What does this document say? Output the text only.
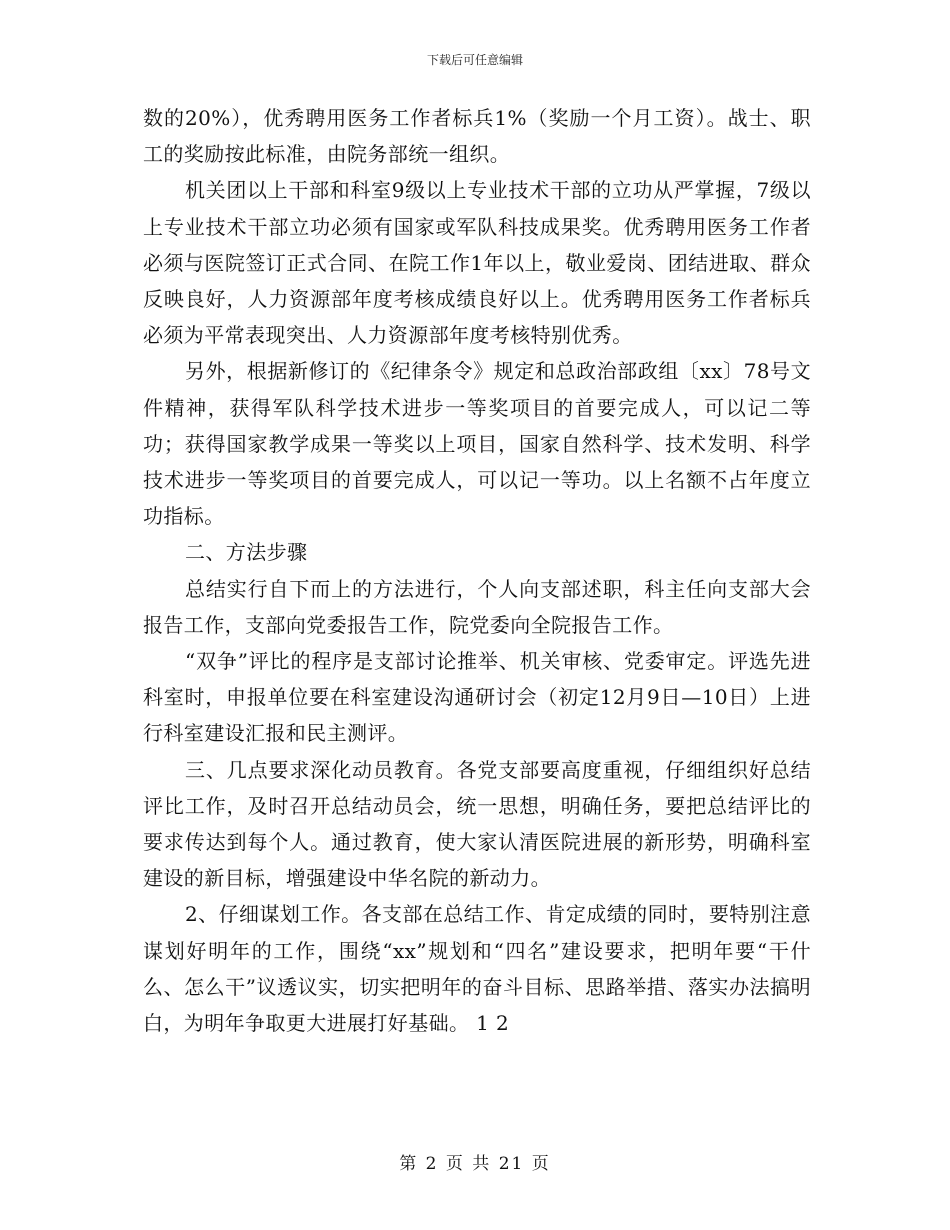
下载后可任意编辑

数的20%），优秀聘用医务工作者标兵1%（奖励一个月工资）。战士、职工的奖励按此标准，由院务部统一组织。

机关团以上干部和科室9级以上专业技术干部的立功从严掌握，7级以上专业技术干部立功必须有国家或军队科技成果奖。优秀聘用医务工作者必须与医院签订正式合同、在院工作1年以上，敬业爱岗、团结进取、群众反映良好，人力资源部年度考核成绩良好以上。优秀聘用医务工作者标兵必须为平常表现突出、人力资源部年度考核特别优秀。

另外，根据新修订的《纪律条令》规定和总政治部政组〔xx〕78号文件精神，获得军队科学技术进步一等奖项目的首要完成人，可以记二等功；获得国家教学成果一等奖以上项目，国家自然科学、技术发明、科学技术进步一等奖项目的首要完成人，可以记一等功。以上名额不占年度立功指标。

二、方法步骤

总结实行自下而上的方法进行，个人向支部述职，科主任向支部大会报告工作，支部向党委报告工作，院党委向全院报告工作。

“双争”评比的程序是支部讨论推举、机关审核、党委审定。评选先进科室时，申报单位要在科室建设沟通研讨会（初定12月9日—10日）上进行科室建设汇报和民主测评。

三、几点要求深化动员教育。各党支部要高度重视，仔细组织好总结评比工作，及时召开总结动员会，统一思想，明确任务，要把总结评比的要求传达到每个人。通过教育，使大家认清医院进展的新形势，明确科室建设的新目标，增强建设中华名院的新动力。

2、仔细谋划工作。各支部在总结工作、肯定成绩的同时，要特别注意谋划好明年的工作，围绕“xx”规划和“四名”建设要求，把明年要“干什么、怎么干”议透议实，切实把明年的奋斗目标、思路举措、落实办法搞明白，为明年争取更大进展打好基础。 1 2

第 2 页 共 21 页
